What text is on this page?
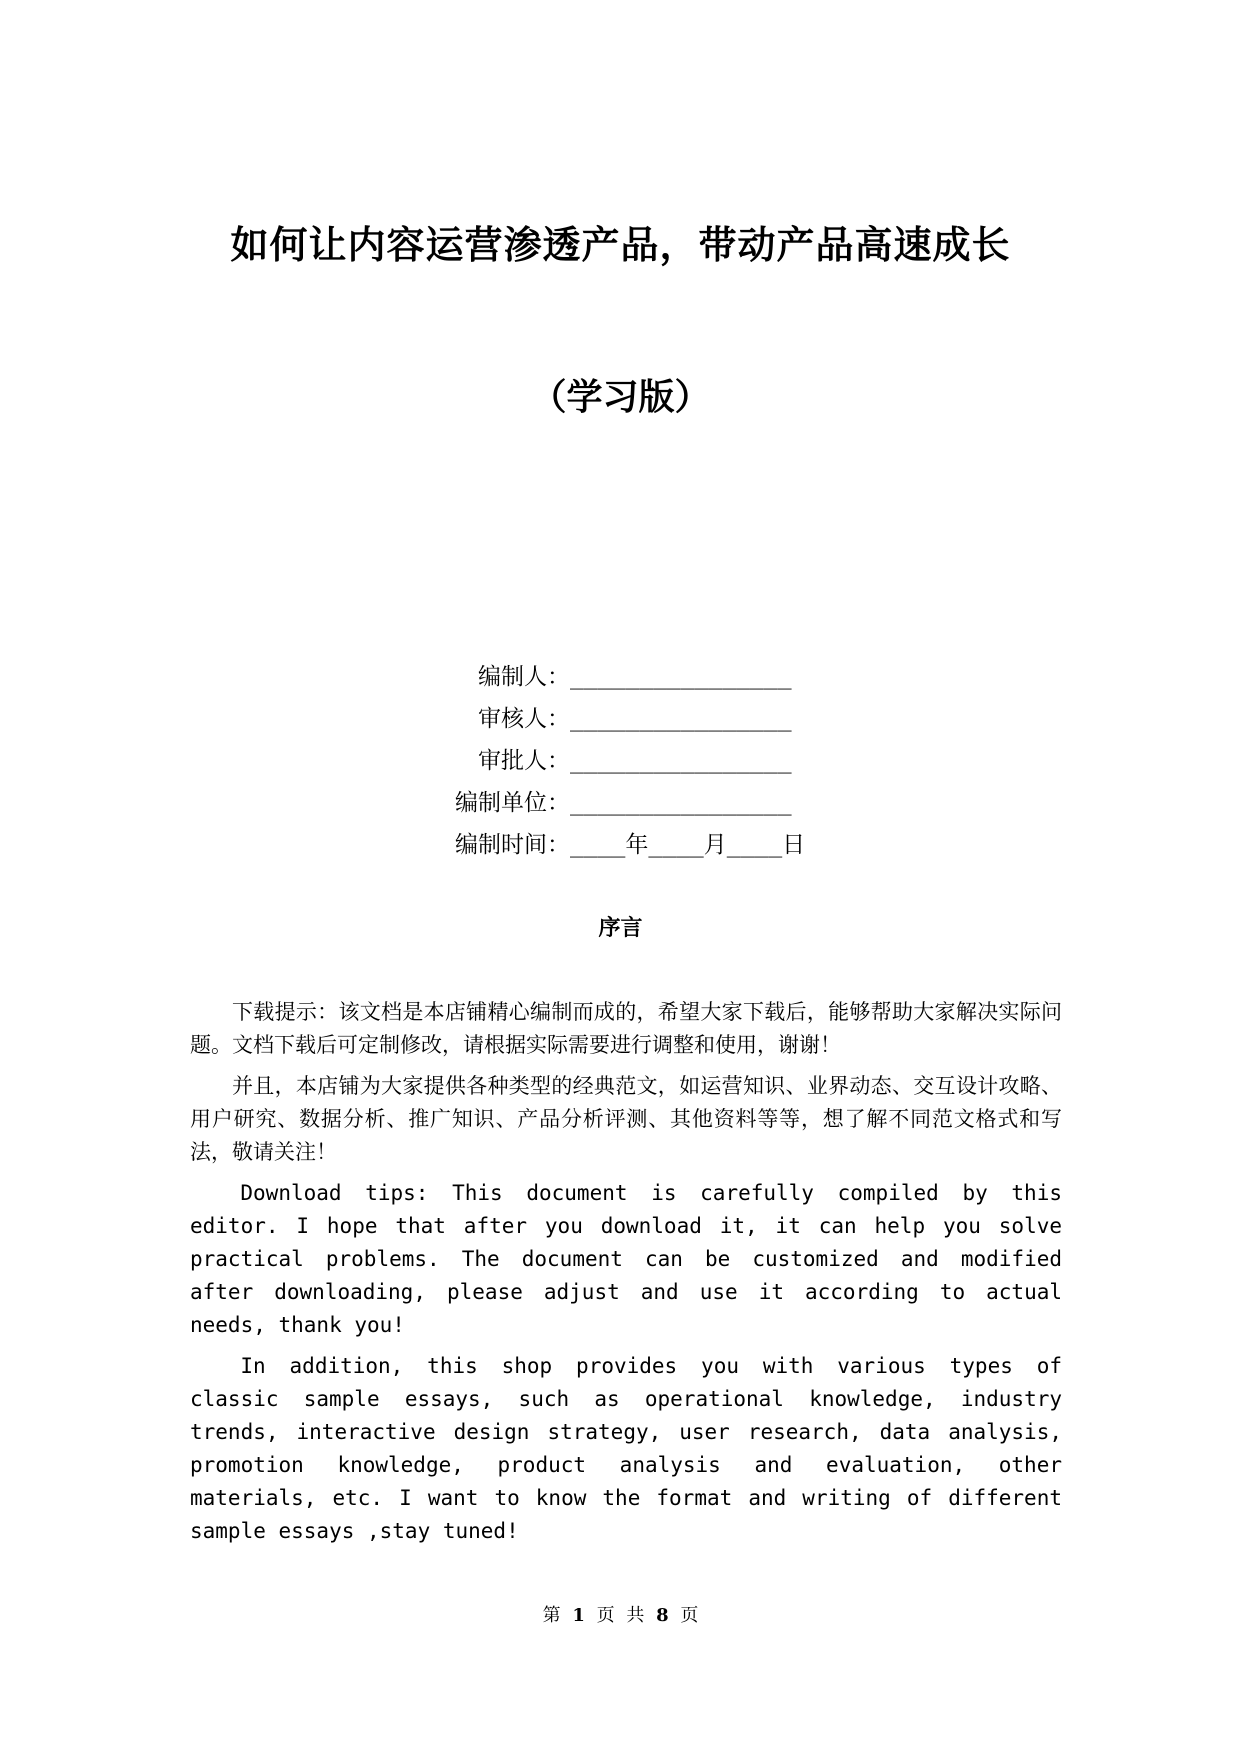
如何让内容运营渗透产品，带动产品高速成长
（学习版）
编制人： ________________
审核人： ________________
审批人： ________________
编制单位： ________________
编制时间： ____年____月____日
序言

下载提示：该文档是本店铺精心编制而成的，希望大家下载后，能够帮助大家解决实际问题。文档下载后可定制修改，请根据实际需要进行调整和使用，谢谢！

并且，本店铺为大家提供各种类型的经典范文，如运营知识、业界动态、交互设计攻略、用户研究、数据分析、推广知识、产品分析评测、其他资料等等，想了解不同范文格式和写法，敬请关注！

Download tips: This document is carefully compiled by this editor. I hope that after you download it, it can help you solve practical problems. The document can be customized and modified after downloading, please adjust and use it according to actual needs, thank you!

In addition, this shop provides you with various types of classic sample essays, such as operational knowledge, industry trends, interactive design strategy, user research, data analysis, promotion knowledge, product analysis and evaluation, other materials, etc. I want to know the format and writing of different sample essays ,stay tuned!

第 1 页 共 8 页
